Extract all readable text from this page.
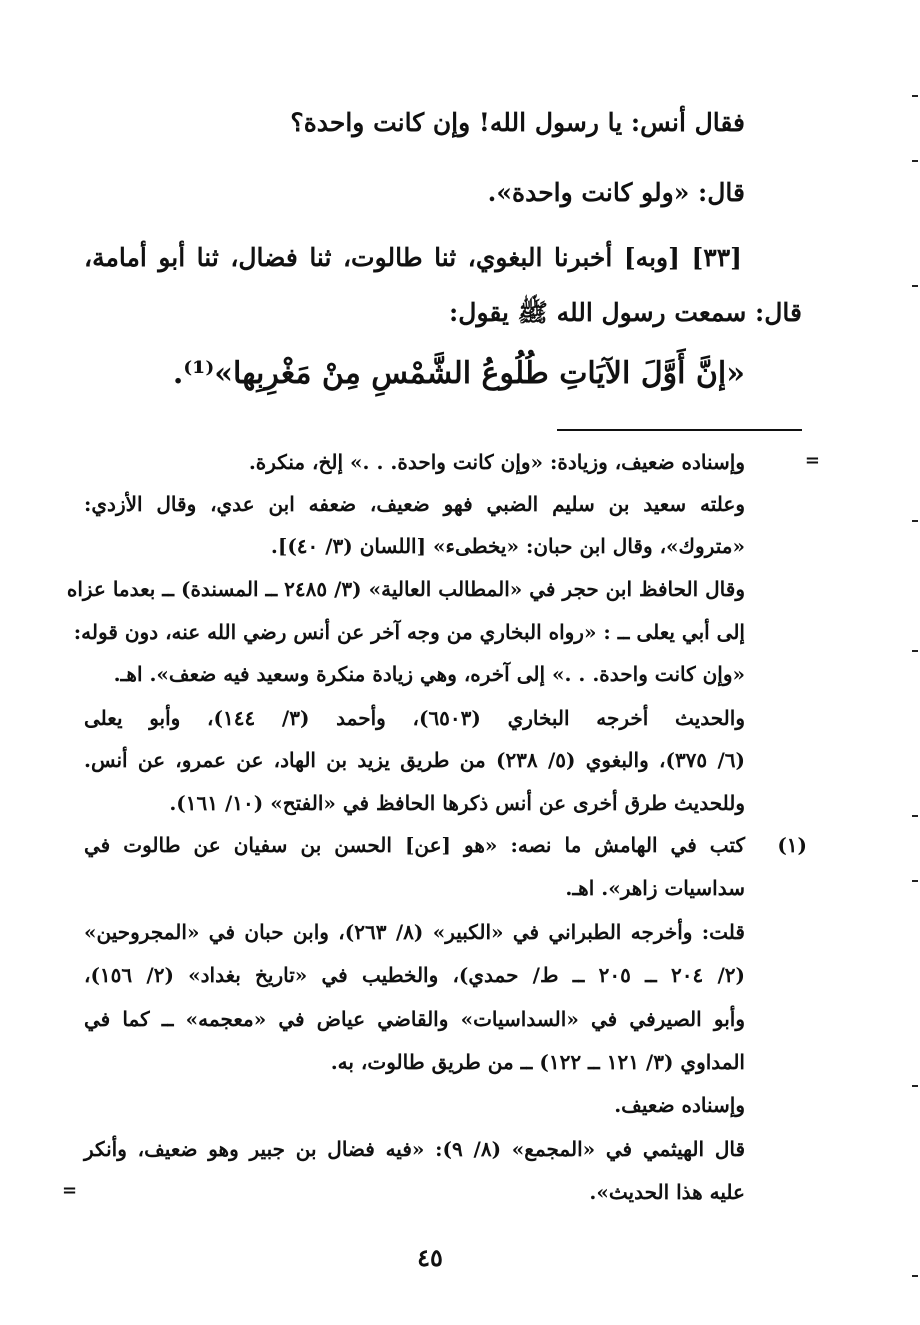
فقال أنس: يا رسول الله! وإن كانت واحدة؟
قال: «ولو كانت واحدة».
[٣٣] [وبه] أخبرنا البغوي، ثنا طالوت، ثنا فضال، ثنا أبو أمامة،
قال: سمعت رسول الله ﷺ يقول:
«إنَّ أَوَّلَ الآيَاتِ طُلُوعُ الشَّمْسِ مِنْ مَغْرِبِها»⁽¹⁾.
=
وإسناده ضعيف، وزيادة: «وإن كانت واحدة. . .» إلخ، منكرة.
وعلته سعيد بن سليم الضبي فهو ضعيف، ضعفه ابن عدي، وقال الأزدي:
«متروك»، وقال ابن حبان: «يخطىء» [اللسان (٣/ ٤٠)].
وقال الحافظ ابن حجر في «المطالب العالية» (٣/ ٢٤٨٥ ــ المسندة) ــ بعدما عزاه
إلى أبي يعلى ــ : «رواه البخاري من وجه آخر عن أنس رضي الله عنه، دون قوله:
«وإن كانت واحدة. . .» إلى آخره، وهي زيادة منكرة وسعيد فيه ضعف». اهـ.
والحديث أخرجه البخاري (٦٥٠٣)، وأحمد (٣/ ١٤٤)، وأبو يعلى
(٦/ ٣٧٥)، والبغوي (٥/ ٢٣٨) من طريق يزيد بن الهاد، عن عمرو، عن أنس.
وللحديث طرق أخرى عن أنس ذكرها الحافظ في «الفتح» (١٠/ ١٦١).
(١)
كتب في الهامش ما نصه: «هو [عن] الحسن بن سفيان عن طالوت في
سداسيات زاهر». اهـ.
قلت: وأخرجه الطبراني في «الكبير» (٨/ ٢٦٣)، وابن حبان في «المجروحين»
(٢/ ٢٠٤ ــ ٢٠٥ ــ ط/ حمدي)، والخطيب في «تاريخ بغداد» (٢/ ١٥٦)،
وأبو الصيرفي في «السداسيات» والقاضي عياض في «معجمه» ــ كما في
المداوي (٣/ ١٢١ ــ ١٢٢) ــ من طريق طالوت، به.
وإسناده ضعيف.
قال الهيثمي في «المجمع» (٨/ ٩): «فيه فضال بن جبير وهو ضعيف، وأنكر
عليه هذا الحديث».
=
٤٥
